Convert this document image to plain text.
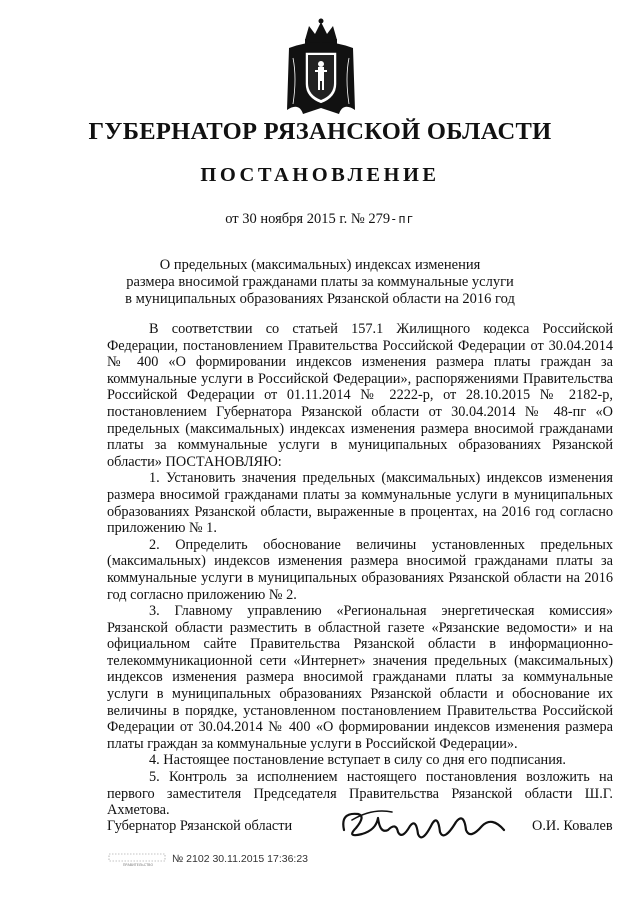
ГУБЕРНАТОР РЯЗАНСКОЙ ОБЛАСТИ
ПОСТАНОВЛЕНИЕ
от 30 ноября 2015 г. № 279-пг
О предельных (максимальных) индексах изменения
размера вносимой гражданами платы за коммунальные услуги
в муниципальных образованиях Рязанской области на 2016 год

В соответствии со статьей 157.1 Жилищного кодекса Российской Федерации, постановлением Правительства Российской Федерации от 30.04.2014 № 400 «О формировании индексов изменения размера платы граждан за коммунальные услуги в Российской Федерации», распоряжениями Правительства Российской Федерации от 01.11.2014 № 2222-р, от 28.10.2015 № 2182-р, постановлением Губернатора Рязанской области от 30.04.2014 № 48-пг «О предельных (максимальных) индексах изменения размера вносимой гражданами платы за коммунальные услуги в муниципальных образованиях Рязанской области» ПОСТАНОВЛЯЮ:

1. Установить значения предельных (максимальных) индексов изменения размера вносимой гражданами платы за коммунальные услуги в муниципальных образованиях Рязанской области, выраженные в процентах, на 2016 год согласно приложению № 1.

2. Определить обоснование величины установленных предельных (максимальных) индексов изменения размера вносимой гражданами платы за коммунальные услуги в муниципальных образованиях Рязанской области на 2016 год согласно приложению № 2.

3. Главному управлению «Региональная энергетическая комиссия» Рязанской области разместить в областной газете «Рязанские ведомости» и на официальном сайте Правительства Рязанской области в информационно-телекоммуникационной сети «Интернет» значения предельных (максимальных) индексов изменения размера вносимой гражданами платы за коммунальные услуги в муниципальных образованиях Рязанской области и обоснование их величины в порядке, установленном постановлением Правительства Российской Федерации от 30.04.2014 № 400 «О формировании индексов изменения размера платы граждан за коммунальные услуги в Российской Федерации».

4. Настоящее постановление вступает в силу со дня его подписания.

5. Контроль за исполнением настоящего постановления возложить на первого заместителя Председателя Правительства Рязанской области Ш.Г. Ахметова.

Губернатор Рязанской области	О.И. Ковалев
ПРАВИТЕЛЬСТВО № 2102 30.11.2015 17:36:23
